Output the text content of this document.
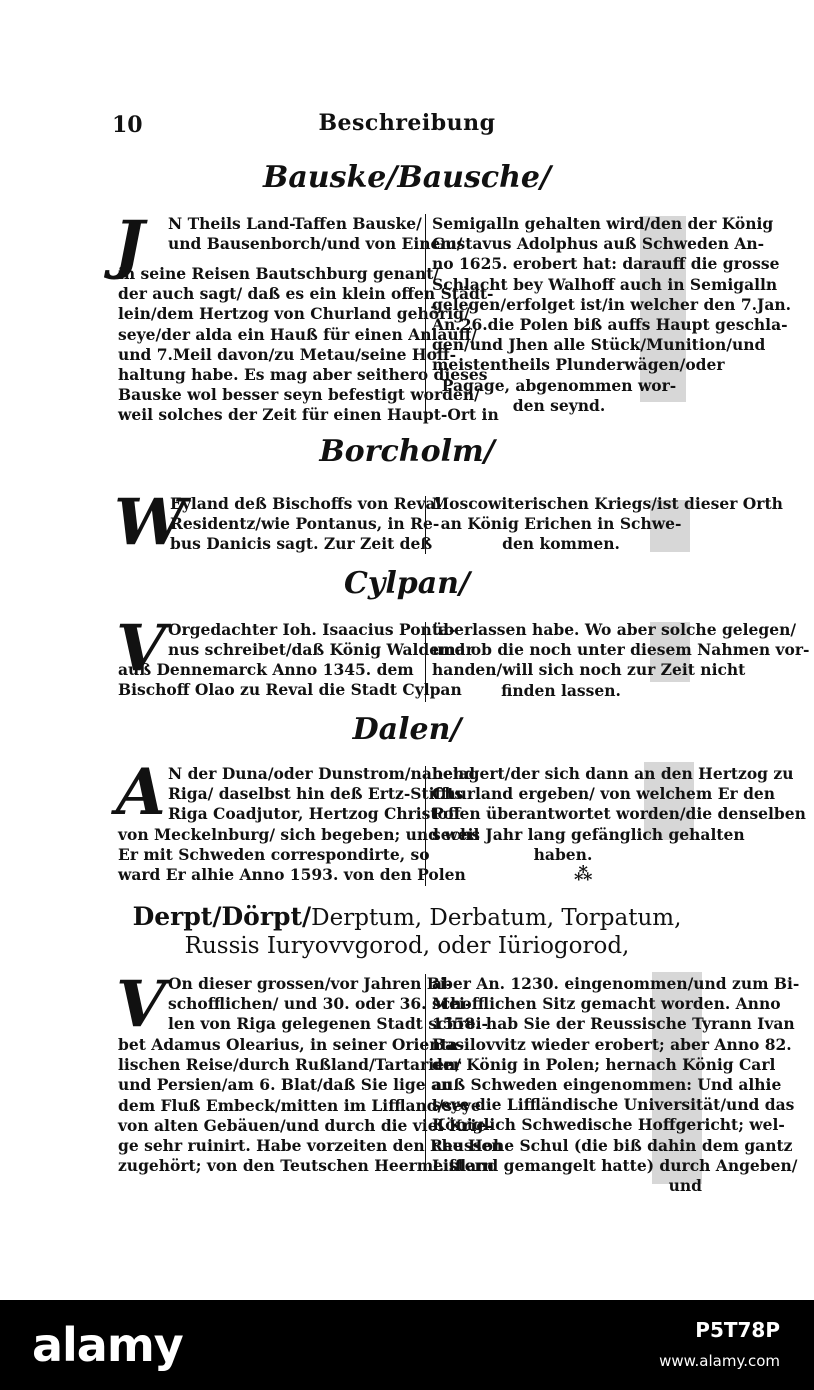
10	Beschreibung
Bauske/Bausche/
J N Theils Land-Taffen Bauske/
und Bausenborch/und von Einem/
in seine Reisen Bautschburg genant/
der auch sagt/ daß es ein klein offen Städt-
lein/dem Hertzog von Churland gehörig/
seye/der alda ein Hauß für einen Anlauff/
und 7.Meil davon/zu Metau/seine Hoff-
haltung habe. Es mag aber seithero dieses
Bauske wol besser seyn befestigt worden/
weil solches der Zeit für einen Haupt-Ort in
Semigalln gehalten wird/den der König
Gustavus Adolphus auß Schweden An-
no 1625. erobert hat: darauff die grosse
Schlacht bey Walhoff auch in Semigalln
gelegen/erfolget ist/in welcher den 7.Jan.
An.26.die Polen biß auffs Haupt geschla-
gen/und Jhen alle Stück/Munition/und
meistentheils Plunderwägen/oder
Pagage, abgenommen wor-
den seynd.
Borcholm/
W
Eyland deß Bischoffs von Reval
Residentz/wie Pontanus, in Re-
bus Danicis sagt. Zur Zeit deß
Moscowiterischen Kriegs/ist dieser Orth
an König Erichen in Schwe-
den kommen.
Cylpan/
V Orgedachter Ioh. Isaacius Ponta-
nus schreibet/daß König Waldemar
auß Dennemarck Anno 1345. dem
Bischoff Olao zu Reval die Stadt Cylpan
überlassen habe. Wo aber solche gelegen/
und ob die noch unter diesem Nahmen vor-
handen/will sich noch zur Zeit nicht
finden lassen.
Dalen/
A N der Duna/oder Dunstrom/nahend
Riga/ daselbst hin deß Ertz-Stiffts
Riga Coadjutor, Hertzog Christoff
von Meckelnburg/ sich begeben; und weil
Er mit Schweden correspondirte, so
ward Er alhie Anno 1593. von den Polen
belagert/der sich dann an den Hertzog zu
Churland ergeben/ von welchem Er den
Polen überantwortet worden/die denselben
sechs Jahr lang gefänglich gehalten
haben.
⁂
Derpt/Dörpt/Derptum, Derbatum, Torpatum,
Russis Iuryovvgorod, oder Iüriogorod,
V On dieser grossen/vor Jahren Bi-
schofflichen/ und 30. oder 36. Mei-
len von Riga gelegenen Stadt schrei-
bet Adamus Olearius, in seiner Orienta-
lischen Reise/durch Rußland/Tartarien/
und Persien/am 6. Blat/daß Sie lige an
dem Fluß Embeck/mitten im Liffland/seye
von alten Gebäuen/und durch die viel Krie-
ge sehr ruinirt. Habe vorzeiten den Reussen
zugehört; von den Teutschen Heermeistern
aber An. 1230. eingenommen/und zum Bi-
schofflichen Sitz gemacht worden. Anno
1558. hab Sie der Reussische Tyrann Ivan
Basilovvitz wieder erobert; aber Anno 82.
der König in Polen; hernach König Carl
auß Schweden eingenommen: Und alhie
seye die Liffländische Universität/und das
Königlich Schwedische Hoffgericht; wel-
che Hohe Schul (die biß dahin dem gantz
Liffland gemangelt hatte) durch Angeben/
und
alamy	P5T78P
www.alamy.com
